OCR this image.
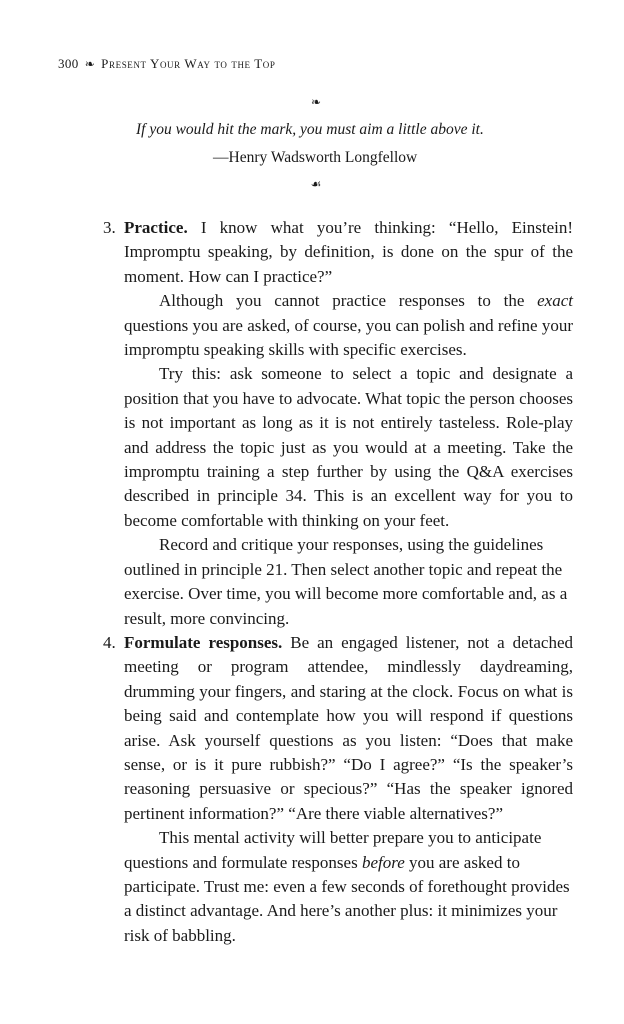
300 ❧ Present Your Way to the Top
❧
If you would hit the mark, you must aim a little above it.
—Henry Wadsworth Longfellow
☙
3. Practice. I know what you’re thinking: “Hello, Einstein! Impromptu speaking, by definition, is done on the spur of the moment. How can I practice?”

Although you cannot practice responses to the exact questions you are asked, of course, you can polish and refine your impromptu speaking skills with specific exercises.

Try this: ask someone to select a topic and designate a position that you have to advocate. What topic the person chooses is not important as long as it is not entirely tasteless. Role-play and address the topic just as you would at a meeting. Take the impromptu training a step further by using the Q&A exercises described in principle 34. This is an excellent way for you to become comfortable with thinking on your feet.

Record and critique your responses, using the guidelines outlined in principle 21. Then select another topic and repeat the exercise. Over time, you will become more comfortable and, as a result, more convincing.

4. Formulate responses. Be an engaged listener, not a detached meeting or program attendee, mindlessly daydreaming, drumming your fingers, and staring at the clock. Focus on what is being said and contemplate how you will respond if questions arise. Ask yourself questions as you listen: “Does that make sense, or is it pure rubbish?” “Do I agree?” “Is the speaker’s reasoning persuasive or specious?” “Has the speaker ignored pertinent information?” “Are there viable alternatives?”

This mental activity will better prepare you to anticipate questions and formulate responses before you are asked to participate. Trust me: even a few seconds of forethought provides a distinct advantage. And here’s another plus: it minimizes your risk of babbling.
